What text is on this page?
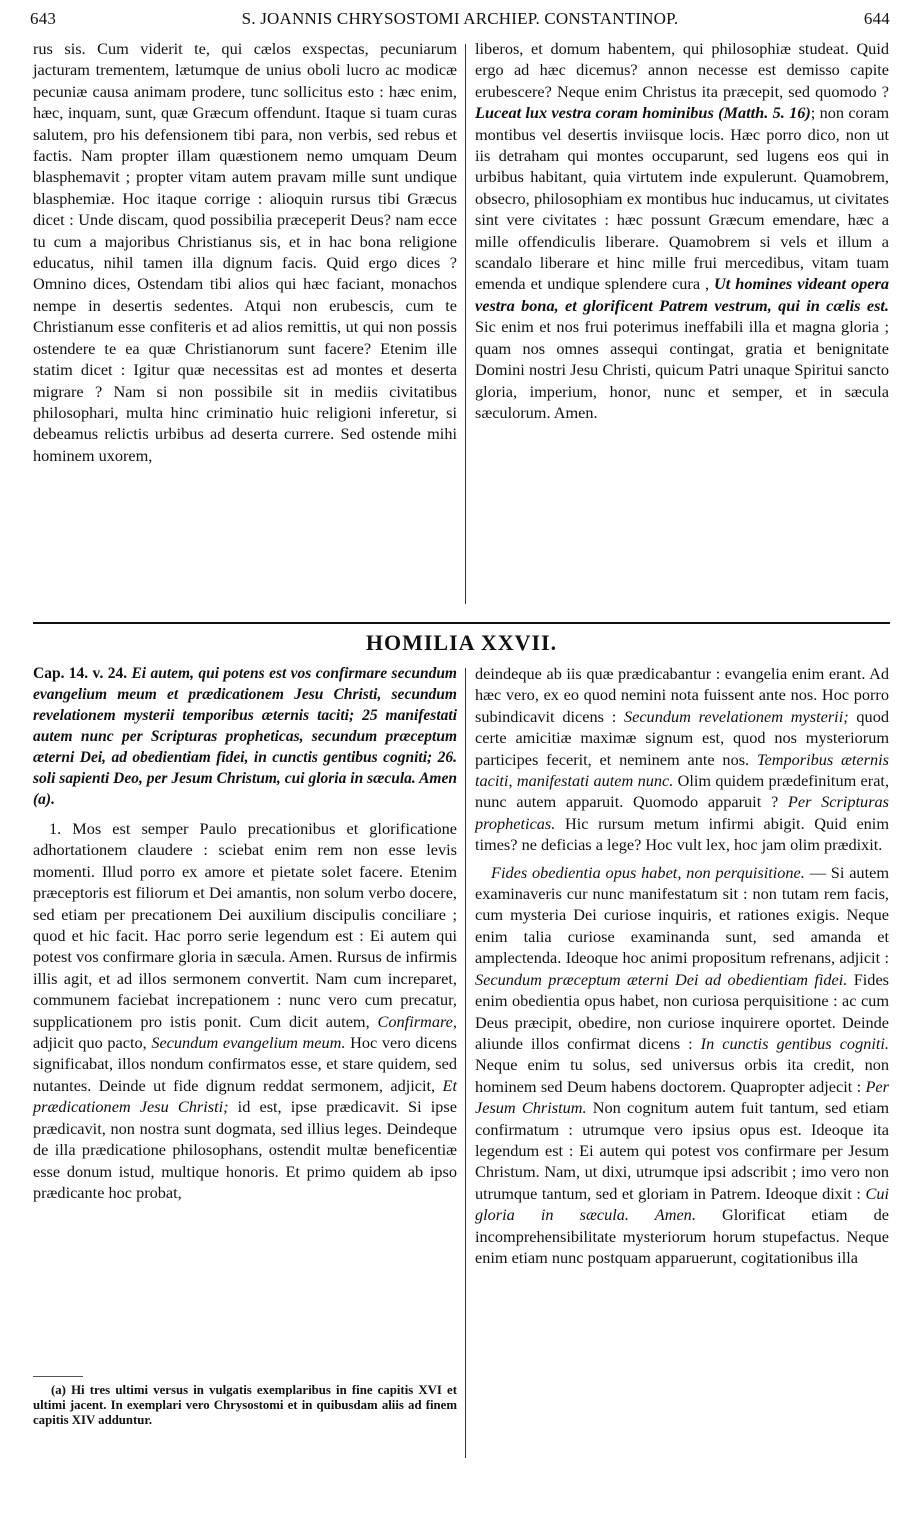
643	S. JOANNIS CHRYSOSTOMI ARCHIEP. CONSTANTINOP.	644

rus sis. Cum viderit te, qui cælos exspectas, pecuniarum jacturam trementem, lætumque de unius oboli lucro ac modicæ pecuniæ causa animam prodere, tunc sollicitus esto : hæc enim, hæc, inquam, sunt, quæ Græcum offendunt. Itaque si tuam curas salutem, pro his defensionem tibi para, non verbis, sed rebus et factis. Nam propter illam quæstionem nemo umquam Deum blasphemavit ; propter vitam autem pravam mille sunt undique blasphemiæ. Hoc itaque corrige : alioquin rursus tibi Græcus dicet : Unde discam, quod possibilia præceperit Deus? nam ecce tu cum a majoribus Christianus sis, et in hac bona religione educatus, nihil tamen illa dignum facis. Quid ergo dices ? Omnino dices, Ostendam tibi alios qui hæc faciant, monachos nempe in desertis sedentes. Atqui non erubescis, cum te Christianum esse confiteris et ad alios remittis, ut qui non possis ostendere te ea quæ Christianorum sunt facere? Etenim ille statim dicet : Igitur quæ necessitas est ad montes et deserta migrare ? Nam si non possibile sit in mediis civitatibus philosophari, multa hinc criminatio huic religioni inferetur, si debeamus relictis urbibus ad deserta currere. Sed ostende mihi hominem uxorem,

liberos, et domum habentem, qui philosophiæ studeat. Quid ergo ad hæc dicemus? annon necesse est demisso capite erubescere? Neque enim Christus ita præcepit, sed quomodo ? Luceat lux vestra coram hominibus (Matth. 5. 16); non coram montibus vel desertis inviisque locis. Hæc porro dico, non ut iis detraham qui montes occuparunt, sed lugens eos qui in urbibus habitant, quia virtutem inde expulerunt. Quamobrem, obsecro, philosophiam ex montibus huc inducamus, ut civitates sint vere civitates : hæc possunt Græcum emendare, hæc a mille offendiculis liberare. Quamobrem si vels et illum a scandalo liberare et hinc mille frui mercedibus, vitam tuam emenda et undique splendere cura , Ut homines videant opera vestra bona, et glorificent Patrem vestrum, qui in cælis est. Sic enim et nos frui poterimus ineffabili illa et magna gloria ; quam nos omnes assequi contingat, gratia et benignitate Domini nostri Jesu Christi, quicum Patri unaque Spiritui sancto gloria, imperium, honor, nunc et semper, et in sæcula sæculorum. Amen.

HOMILIA XXVII.

Cap. 14. v. 24. Ei autem, qui potens est vos confirmare secundum evangelium meum et prædicationem Jesu Christi, secundum revelationem mysterii temporibus æternis taciti; 25 manifestati autem nunc per Scripturas propheticas, secundum præceptum æterni Dei, ad obedientiam fidei, in cunctis gentibus cogniti; 26. soli sapienti Deo, per Jesum Christum, cui gloria in sæcula. Amen (a).

1. Mos est semper Paulo precationibus et glorificatione adhortationem claudere : sciebat enim rem non esse levis momenti. Illud porro ex amore et pietate solet facere. Etenim præceptoris est filiorum et Dei amantis, non solum verbo docere, sed etiam per precationem Dei auxilium discipulis conciliare ; quod et hic facit. Hac porro serie legendum est : Ei autem qui potest vos confirmare gloria in sæcula. Amen. Rursus de infirmis illis agit, et ad illos sermonem convertit. Nam cum increparet, communem faciebat increpationem : nunc vero cum precatur, supplicationem pro istis ponit. Cum dicit autem, Confirmare, adjicit quo pacto, Secundum evangelium meum. Hoc vero dicens significabat, illos nondum confirmatos esse, et stare quidem, sed nutantes. Deinde ut fide dignum reddat sermonem, adjicit, Et prædicationem Jesu Christi; id est, ipse prædicavit. Si ipse prædicavit, non nostra sunt dogmata, sed illius leges. Deindeque de illa prædicatione philosophans, ostendit multæ beneficentiæ esse donum istud, multique honoris. Et primo quidem ab ipso prædicante hoc probat,

(a) Hi tres ultimi versus in vulgatis exemplaribus in fine capitis XVI et ultimi jacent. In exemplari vero Chrysostomi et in quibusdam aliis ad finem capitis XIV adduntur.

deindeque ab iis quæ prædicabantur : evangelia enim erant. Ad hæc vero, ex eo quod nemini nota fuissent ante nos. Hoc porro subindicavit dicens : Secundum revelationem mysterii; quod certe amicitiæ maximæ signum est, quod nos mysteriorum participes fecerit, et neminem ante nos. Temporibus æternis taciti, manifestati autem nunc. Olim quidem prædefinitum erat, nunc autem apparuit. Quomodo apparuit ? Per Scripturas propheticas. Hic rursum metum infirmi abigit. Quid enim times? ne deficias a lege? Hoc vult lex, hoc jam olim prædixit.

Fides obedientia opus habet, non perquisitione. — Si autem examinaveris cur nunc manifestatum sit : non tutam rem facis, cum mysteria Dei curiose inquiris, et rationes exigis. Neque enim talia curiose examinanda sunt, sed amanda et amplectenda. Ideoque hoc animi propositum refrenans, adjicit : Secundum præceptum æterni Dei ad obedientiam fidei. Fides enim obedientia opus habet, non curiosa perquisitione : ac cum Deus præcipit, obedire, non curiose inquirere oportet. Deinde aliunde illos confirmat dicens : In cunctis gentibus cogniti. Neque enim tu solus, sed universus orbis ita credit, non hominem sed Deum habens doctorem. Quapropter adjecit : Per Jesum Christum. Non cognitum autem fuit tantum, sed etiam confirmatum : utrumque vero ipsius opus est. Ideoque ita legendum est : Ei autem qui potest vos confirmare per Jesum Christum. Nam, ut dixi, utrumque ipsi adscribit ; imo vero non utrumque tantum, sed et gloriam in Patrem. Ideoque dixit : Cui gloria in sæcula. Amen. Glorificat etiam de incomprehensibilitate mysteriorum horum stupefactus. Neque enim etiam nunc postquam apparuerunt, cogitationibus illa
